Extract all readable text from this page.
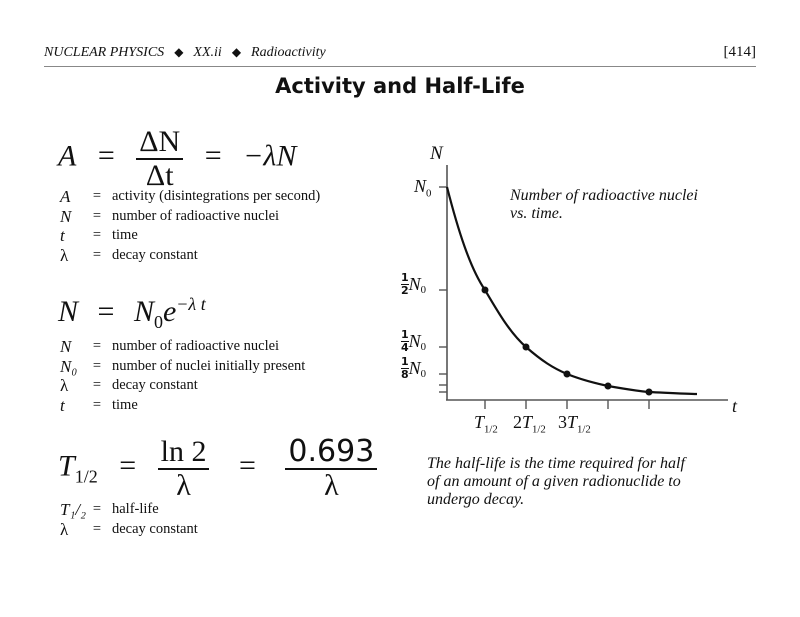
NUCLEAR PHYSICS ◆ XX.ii ◆ Radioactivity	[414]
Activity and Half-Life
$A = \frac{\Delta N}{\Delta t} = -\lambda N$
A	= activity (disintegrations per second)
N	= number of radioactive nuclei
t	= time
λ	= decay constant
$N = N_0e^{-\lambda t}$
N	= number of radioactive nuclei
N₀	= number of nuclei initially present
λ	= decay constant
t	= time
$T_{1/2} = \frac{\ln 2}{\lambda} = \frac{0.693}{\lambda}$
T₁/₂ = half-life
λ	= decay constant
N
t
$N_0$
$\frac{1}{2} N_0$
$\frac{1}{4} N_0$
$\frac{1}{8} N_0$
$T_{1/2}$ $2T_{1/2}$ $3T_{1/2}$
Number of radioactive nuclei
vs. time.
The half-life is the time required for half
of an amount of a given radionuclide to
undergo decay.
